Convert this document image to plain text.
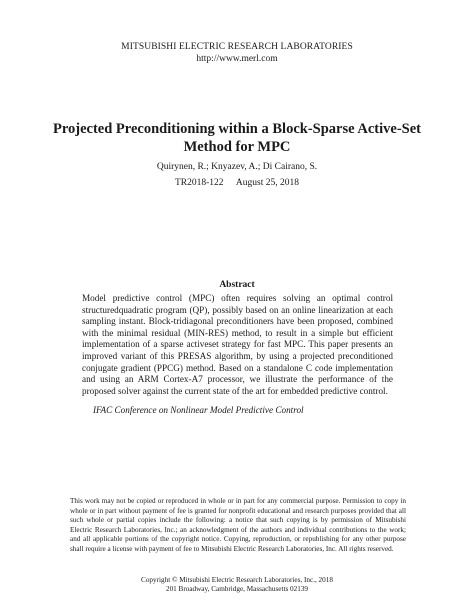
MITSUBISHI ELECTRIC RESEARCH LABORATORIES
http://www.merl.com
Projected Preconditioning within a Block-Sparse Active-Set Method for MPC
Quirynen, R.; Knyazev, A.; Di Cairano, S.
TR2018-122 August 25, 2018
Abstract

Model predictive control (MPC) often requires solving an optimal control structuredquadratic program (QP), possibly based on an online linearization at each sampling instant. Block-tridiagonal preconditioners have been proposed, combined with the minimal residual (MIN-RES) method, to result in a simple but efficient implementation of a sparse activeset strategy for fast MPC. This paper presents an improved variant of this PRESAS algorithm, by using a projected preconditioned conjugate gradient (PPCG) method. Based on a standalone C code implementation and using an ARM Cortex-A7 processor, we illustrate the performance of the proposed solver against the current state of the art for embedded predictive control.

IFAC Conference on Nonlinear Model Predictive Control

This work may not be copied or reproduced in whole or in part for any commercial purpose. Permission to copy in whole or in part without payment of fee is granted for nonprofit educational and research purposes provided that all such whole or partial copies include the following: a notice that such copying is by permission of Mitsubishi Electric Research Laboratories, Inc.; an acknowledgment of the authors and individual contributions to the work; and all applicable portions of the copyright notice. Copying, reproduction, or republishing for any other purpose shall require a license with payment of fee to Mitsubishi Electric Research Laboratories, Inc. All rights reserved.

Copyright © Mitsubishi Electric Research Laboratories, Inc., 2018
201 Broadway, Cambridge, Massachusetts 02139
